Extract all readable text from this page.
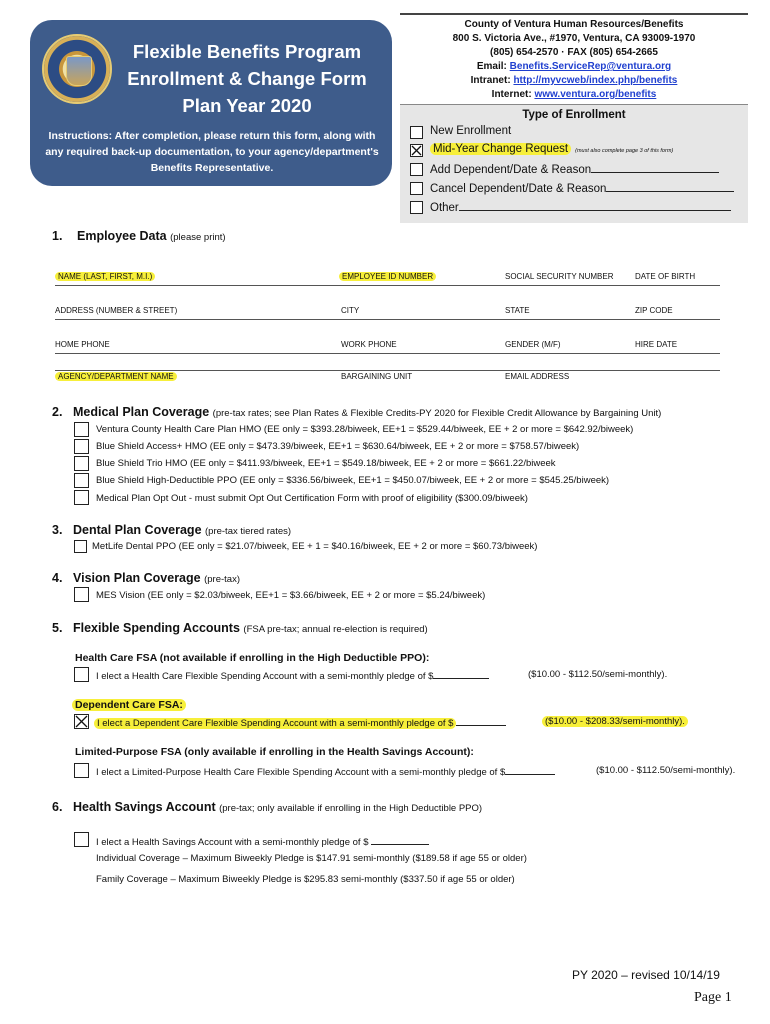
Flexible Benefits Program
Enrollment & Change Form
Plan Year 2020
Instructions: After completion, please return this form, along with any required back-up documentation, to your agency/department's Benefits Representative.
County of Ventura Human Resources/Benefits
800 S. Victoria Ave., #1970, Ventura, CA 93009-1970
(805) 654-2570 · FAX (805) 654-2665
Email: Benefits.ServiceRep@ventura.org
Intranet: http://myvcweb/index.php/benefits
Internet: www.ventura.org/benefits
Type of Enrollment
New Enrollment
Mid-Year Change Request (must also complete page 3 of this form)
Add Dependent/Date & Reason
Cancel Dependent/Date & Reason
Other
1. Employee Data (please print)
NAME (LAST, FIRST, M.I.)	EMPLOYEE ID NUMBER	SOCIAL SECURITY NUMBER	DATE OF BIRTH
ADDRESS (NUMBER & STREET)	CITY	STATE	ZIP CODE
HOME PHONE	WORK PHONE	GENDER (M/F)	HIRE DATE
AGENCY/DEPARTMENT NAME	BARGAINING UNIT	EMAIL ADDRESS
2. Medical Plan Coverage (pre-tax rates; see Plan Rates & Flexible Credits-PY 2020 for Flexible Credit Allowance by Bargaining Unit)
Ventura County Health Care Plan HMO (EE only = $393.28/biweek, EE+1 = $529.44/biweek, EE + 2 or more = $642.92/biweek)
Blue Shield Access+ HMO (EE only = $473.39/biweek, EE+1 = $630.64/biweek, EE + 2 or more = $758.57/biweek)
Blue Shield Trio HMO (EE only = $411.93/biweek, EE+1 = $549.18/biweek, EE + 2 or more = $661.22/biweek
Blue Shield High-Deductible PPO (EE only = $336.56/biweek, EE+1 = $450.07/biweek, EE + 2 or more = $545.25/biweek)
Medical Plan Opt Out - must submit Opt Out Certification Form with proof of eligibility ($300.09/biweek)
3. Dental Plan Coverage (pre-tax tiered rates)
MetLife Dental PPO (EE only = $21.07/biweek, EE + 1 = $40.16/biweek, EE + 2 or more = $60.73/biweek)
4. Vision Plan Coverage (pre-tax)
MES Vision (EE only = $2.03/biweek, EE+1 = $3.66/biweek, EE + 2 or more = $5.24/biweek)
5. Flexible Spending Accounts (FSA pre-tax; annual re-election is required)
Health Care FSA (not available if enrolling in the High Deductible PPO):
I elect a Health Care Flexible Spending Account with a semi-monthly pledge of $	($10.00 - $112.50/semi-monthly).
Dependent Care FSA:
I elect a Dependent Care Flexible Spending Account with a semi-monthly pledge of $	($10.00 - $208.33/semi-monthly).
Limited-Purpose FSA (only available if enrolling in the Health Savings Account):
I elect a Limited-Purpose Health Care Flexible Spending Account with a semi-monthly pledge of $	($10.00 - $112.50/semi-monthly).
6. Health Savings Account (pre-tax; only available if enrolling in the High Deductible PPO)
I elect a Health Savings Account with a semi-monthly pledge of $
Individual Coverage – Maximum Biweekly Pledge is $147.91 semi-monthly ($189.58 if age 55 or older)
Family Coverage – Maximum Biweekly Pledge is $295.83 semi-monthly ($337.50 if age 55 or older)
PY 2020 – revised 10/14/19
Page 1
